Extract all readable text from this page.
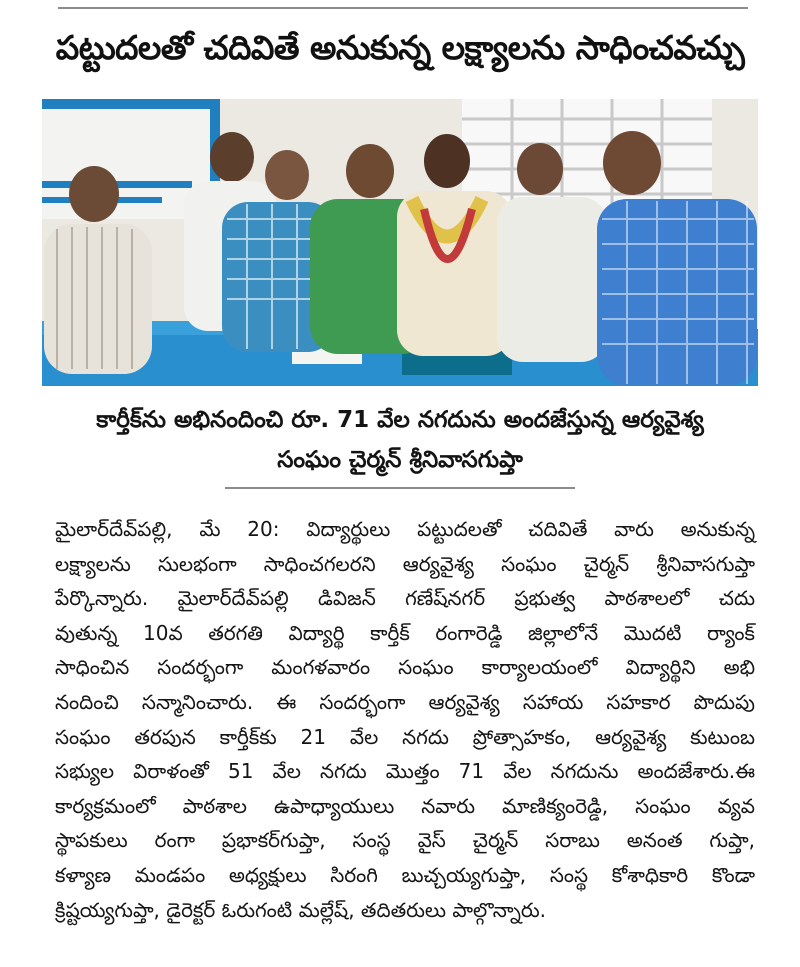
పట్టుదలతో చదివితే అనుకున్న లక్ష్యాలను సాధించవచ్చు
కార్తీక్‌ను అభినందించి రూ. 71 వేల నగదును అందజేస్తున్న ఆర్యవైశ్య
సంఘం చైర్మన్ శ్రీనివాసగుప్తా
మైలార్‌దేవ్‌పల్లి, మే 20: విద్యార్థులు పట్టుదలతో చదివితే వారు అనుకున్న
లక్ష్యాలను సులభంగా సాధించగలరని ఆర్యవైశ్య సంఘం చైర్మన్ శ్రీనివాసగుప్తా
పేర్కొన్నారు. మైలార్‌దేవ్‌పల్లి డివిజన్ గణేష్‌నగర్ ప్రభుత్వ పాఠశాలలో చదు
వుతున్న 10వ తరగతి విద్యార్థి కార్తీక్ రంగారెడ్డి జిల్లాలోనే మొదటి ర్యాంక్
సాధించిన సందర్భంగా మంగళవారం సంఘం కార్యాలయంలో విద్యార్థిని అభి
నందించి సన్మానించారు. ఈ సందర్భంగా ఆర్యవైశ్య సహాయ సహకార పొదుపు
సంఘం తరపున కార్తీక్‌కు 21 వేల నగదు ప్రోత్సాహకం, ఆర్యవైశ్య కుటుంబ
సభ్యుల విరాళంతో 51 వేల నగదు మొత్తం 71 వేల నగదును అందజేశారు.ఈ
కార్యక్రమంలో పాఠశాల ఉపాధ్యాయులు నవారు మాణిక్యంరెడ్డి, సంఘం వ్యవ
స్థాపకులు రంగా ప్రభాకర్‌గుప్తా, సంస్థ వైస్ చైర్మన్ సరాబు అనంత గుప్తా,
కళ్యాణ మండపం అధ్యక్షులు సిరంగి బుచ్చయ్యగుప్తా, సంస్థ కోశాధికారి కొండా
క్రిష్టయ్యగుప్తా, డైరెక్టర్ ఓరుగంటి మల్లేష్, తదితరులు పాల్గొన్నారు.
